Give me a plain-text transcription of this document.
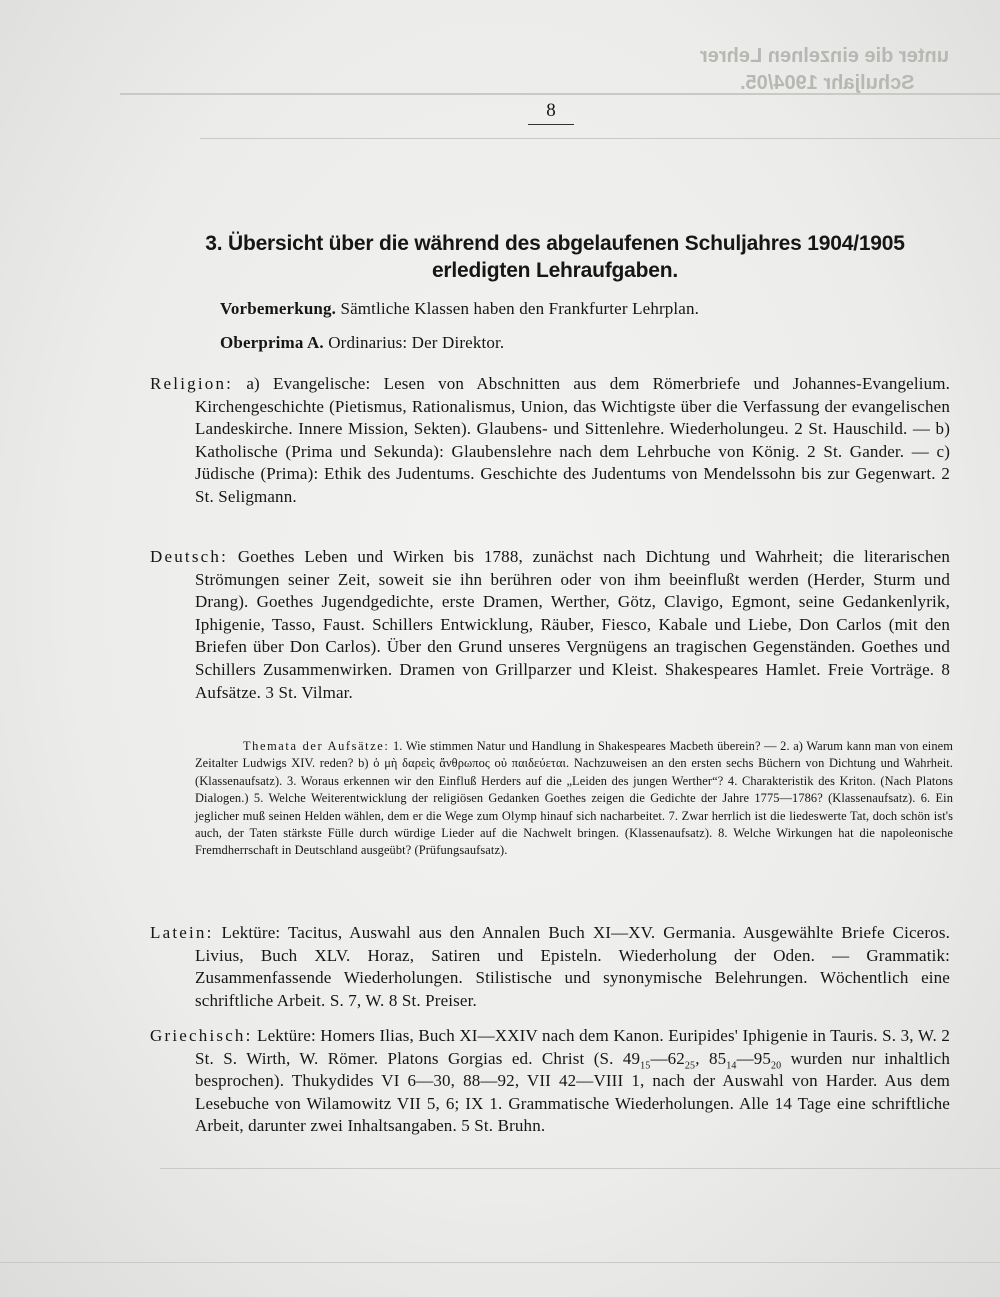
unter die einzelnen Lehrer
Schuljahr 1904/05.
8
3. Übersicht über die während des abgelaufenen Schuljahres 1904/1905
erledigten Lehraufgaben.
Vorbemerkung. Sämtliche Klassen haben den Frankfurter Lehrplan.
Oberprima A. Ordinarius: Der Direktor.
Religion: a) Evangelische: Lesen von Abschnitten aus dem Römerbriefe und Johannes-Evangelium. Kirchengeschichte (Pietismus, Rationalismus, Union, das Wichtigste über die Verfassung der evangelischen Landeskirche. Innere Mission, Sekten). Glaubens- und Sittenlehre. Wiederholungeu. 2 St. Hauschild. — b) Katholische (Prima und Sekunda): Glaubenslehre nach dem Lehrbuche von König. 2 St. Gander. — c) Jüdische (Prima): Ethik des Judentums. Geschichte des Judentums von Mendelssohn bis zur Gegenwart. 2 St. Seligmann.
Deutsch: Goethes Leben und Wirken bis 1788, zunächst nach Dichtung und Wahrheit; die literarischen Strömungen seiner Zeit, soweit sie ihn berühren oder von ihm beeinflußt werden (Herder, Sturm und Drang). Goethes Jugendgedichte, erste Dramen, Werther, Götz, Clavigo, Egmont, seine Gedankenlyrik, Iphigenie, Tasso, Faust. Schillers Entwicklung, Räuber, Fiesco, Kabale und Liebe, Don Carlos (mit den Briefen über Don Carlos). Über den Grund unseres Vergnügens an tragischen Gegenständen. Goethes und Schillers Zusammenwirken. Dramen von Grillparzer und Kleist. Shakespeares Hamlet. Freie Vorträge. 8 Aufsätze. 3 St. Vilmar.
Themata der Aufsätze: 1. Wie stimmen Natur und Handlung in Shakespeares Macbeth überein? — 2. a) Warum kann man von einem Zeitalter Ludwigs XIV. reden? b) ὁ μὴ δαρεὶς ἄνθρωπος οὐ παιδεύεται. Nachzuweisen an den ersten sechs Büchern von Dichtung und Wahrheit. (Klassenaufsatz). 3. Woraus erkennen wir den Einfluß Herders auf die „Leiden des jungen Werther“? 4. Charakteristik des Kriton. (Nach Platons Dialogen.) 5. Welche Weiterentwicklung der religiösen Gedanken Goethes zeigen die Gedichte der Jahre 1775—1786? (Klassenaufsatz). 6. Ein jeglicher muß seinen Helden wählen, dem er die Wege zum Olymp hinauf sich nacharbeitet. 7. Zwar herrlich ist die liedeswerte Tat, doch schön ist's auch, der Taten stärkste Fülle durch würdige Lieder auf die Nachwelt bringen. (Klassenaufsatz). 8. Welche Wirkungen hat die napoleonische Fremdherrschaft in Deutschland ausgeübt? (Prüfungsaufsatz).
Latein: Lektüre: Tacitus, Auswahl aus den Annalen Buch XI—XV. Germania. Ausgewählte Briefe Ciceros. Livius, Buch XLV. Horaz, Satiren und Episteln. Wiederholung der Oden. — Grammatik: Zusammenfassende Wiederholungen. Stilistische und synonymische Belehrungen. Wöchentlich eine schriftliche Arbeit. S. 7, W. 8 St. Preiser.
Griechisch: Lektüre: Homers Ilias, Buch XI—XXIV nach dem Kanon. Euripides' Iphigenie in Tauris. S. 3, W. 2 St. S. Wirth, W. Römer. Platons Gorgias ed. Christ (S. $49_{15}—62_{25}$, $85_{14}—95_{20}$ wurden nur inhaltlich besprochen). Thukydides VI 6—30, 88—92, VII 42—VIII 1, nach der Auswahl von Harder. Aus dem Lesebuche von Wilamowitz VII 5, 6; IX 1. Grammatische Wiederholungen. Alle 14 Tage eine schriftliche Arbeit, darunter zwei Inhaltsangaben. 5 St. Bruhn.
